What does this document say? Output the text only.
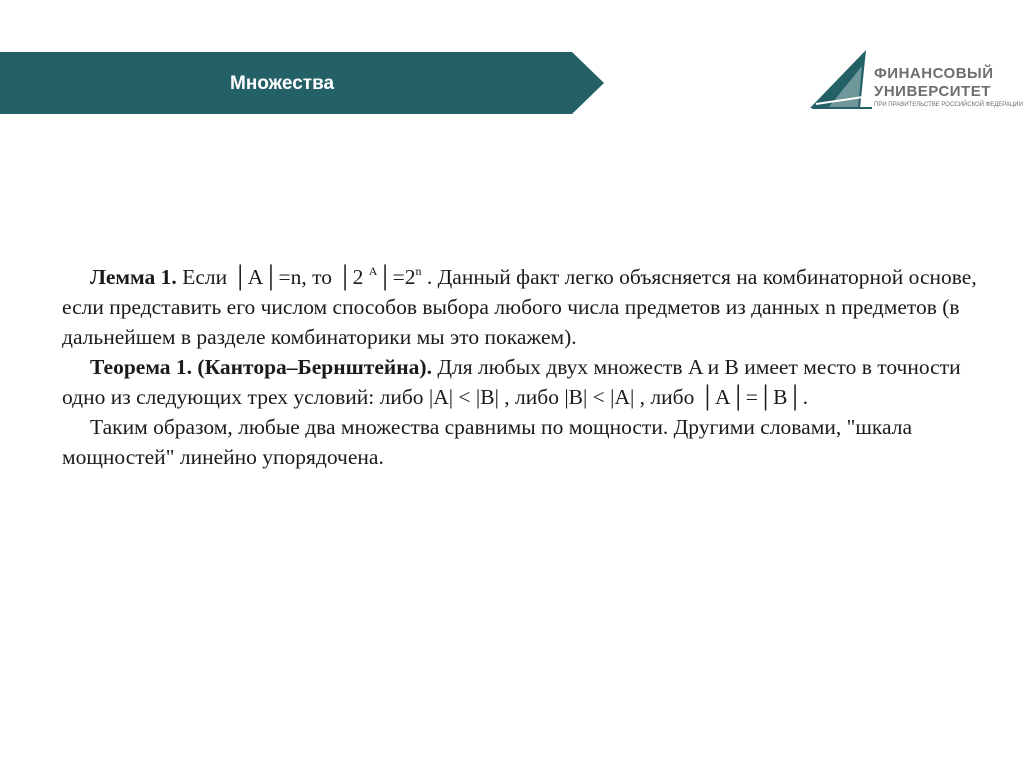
Множества	ФИНАНСОВЫЙ
УНИВЕРСИТЕТ
ПРИ ПРАВИТЕЛЬСТВЕ РОССИЙСКОЙ ФЕДЕРАЦИИ

Лемма 1. Если │A│=n, то │2 $^A│=2^n$ . Данный факт легко объясняется на комбинаторной основе, если представить его числом способов выбора любого числа предметов из данных n предметов (в дальнейшем в разделе комбинаторики мы это покажем).

Теорема 1. (Кантора–Бернштейна). Для любых двух множеств A и B имеет место в точности одно из следующих трех условий: либо |A| < |B| , либо |B| < |A| , либо │A│=│B│.

Таким образом, любые два множества сравнимы по мощности. Другими словами, "шкала мощностей" линейно упорядочена.
